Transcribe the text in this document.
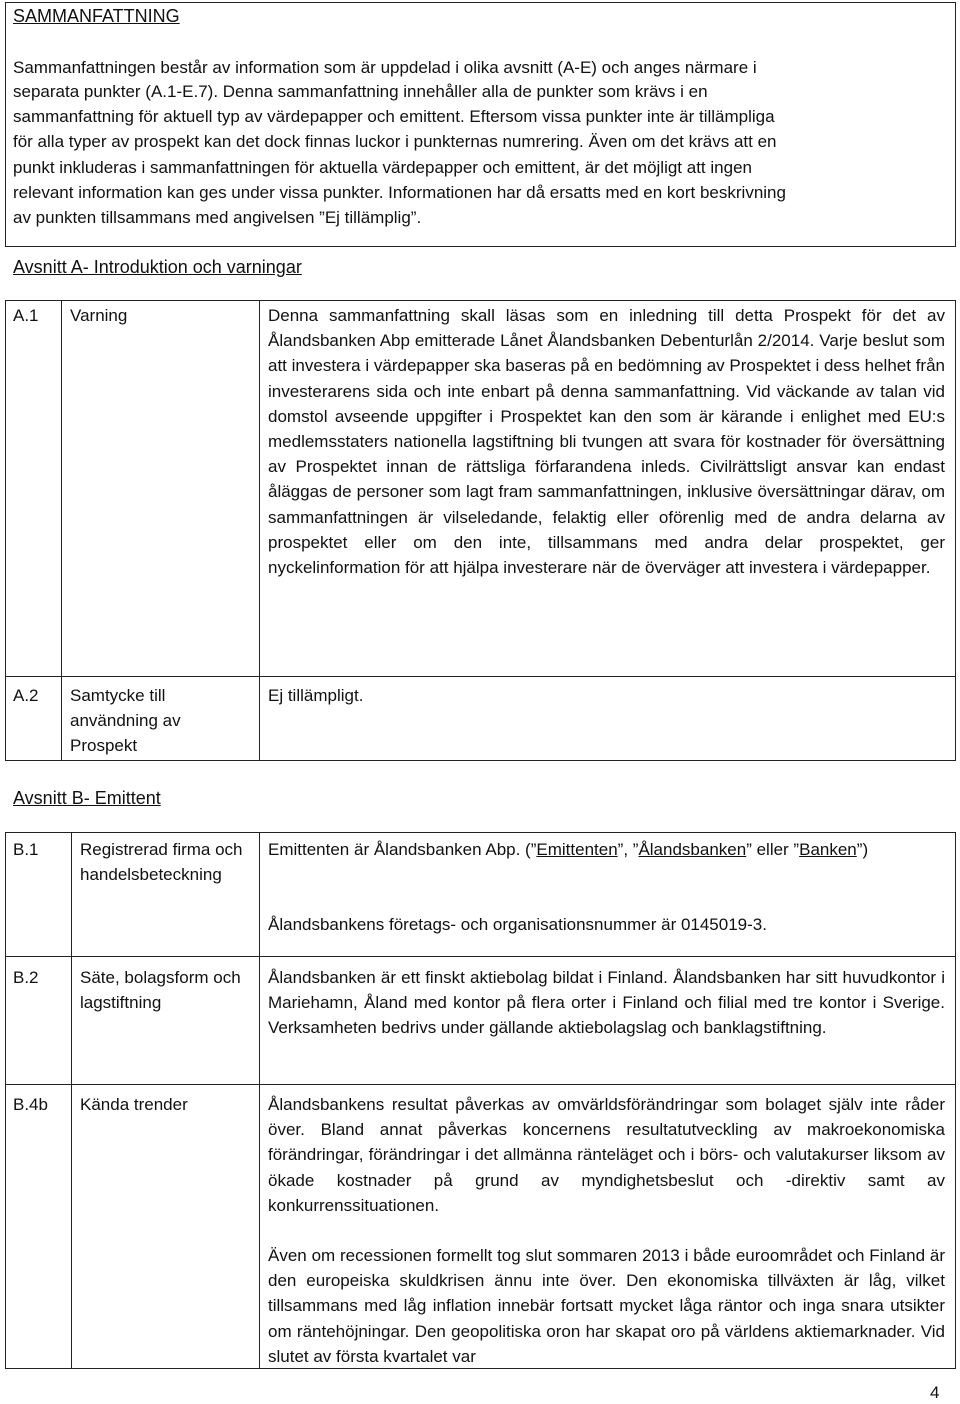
SAMMANFATTNING
Sammanfattningen består av information som är uppdelad i olika avsnitt (A-E) och anges närmare i
separata punkter (A.1-E.7). Denna sammanfattning innehåller alla de punkter som krävs i en
sammanfattning för aktuell typ av värdepapper och emittent. Eftersom vissa punkter inte är tillämpliga
för alla typer av prospekt kan det dock finnas luckor i punkternas numrering. Även om det krävs att en
punkt inkluderas i sammanfattningen för aktuella värdepapper och emittent, är det möjligt att ingen
relevant information kan ges under vissa punkter. Informationen har då ersatts med en kort beskrivning
av punkten tillsammans med angivelsen ”Ej tillämplig”.
Avsnitt A- Introduktion och varningar
A.1 Varning	Denna sammanfattning skall läsas som en inledning till detta Prospekt för det av Ålandsbanken Abp emitterade Lånet Ålandsbanken Debenturlån 2/2014. Varje beslut som att investera i värdepapper ska baseras på en bedömning av Prospektet i dess helhet från investerarens sida och inte enbart på denna sammanfattning. Vid väckande av talan vid domstol avseende uppgifter i Prospektet kan den som är kärande i enlighet med EU:s medlemsstaters nationella lagstiftning bli tvungen att svara för kostnader för översättning av Prospektet innan de rättsliga förfarandena inleds. Civilrättsligt ansvar kan endast åläggas de personer som lagt fram sammanfattningen, inklusive översättningar därav, om sammanfattningen är vilseledande, felaktig eller oförenlig med de andra delarna av prospektet eller om den inte, tillsammans med andra delar prospektet, ger nyckelinformation för att hjälpa investerare när de överväger att investera i värdepapper.
A.2 Samtycke till användning av Prospekt
Ej tillämpligt.
Avsnitt B- Emittent
B.1 Registrerad firma och handelsbeteckning
Emittenten är Ålandsbanken Abp. (”Emittenten”, ”Ålandsbanken” eller ”Banken”)
Ålandsbankens företags- och organisationsnummer är 0145019-3.
B.2 Säte, bolagsform och lagstiftning
Ålandsbanken är ett finskt aktiebolag bildat i Finland. Ålandsbanken har sitt huvudkontor i Mariehamn, Åland med kontor på flera orter i Finland och filial med tre kontor i Sverige. Verksamheten bedrivs under gällande aktiebolagslag och banklagstiftning.
B.4b Kända trender	Ålandsbankens resultat påverkas av omvärldsförändringar som bolaget själv inte råder över. Bland annat påverkas koncernens resultatutveckling av makroekonomiska förändringar, förändringar i det allmänna ränteläget och i börs- och valutakurser liksom av ökade kostnader på grund av myndighetsbeslut och -direktiv samt av konkurrenssituationen.
Även om recessionen formellt tog slut sommaren 2013 i både euroområdet och Finland är den europeiska skuldkrisen ännu inte över. Den ekonomiska tillväxten är låg, vilket tillsammans med låg inflation innebär fortsatt mycket låga räntor och inga snara utsikter om räntehöjningar. Den geopolitiska oron har skapat oro på världens aktiemarknader. Vid slutet av första kvartalet var
4
